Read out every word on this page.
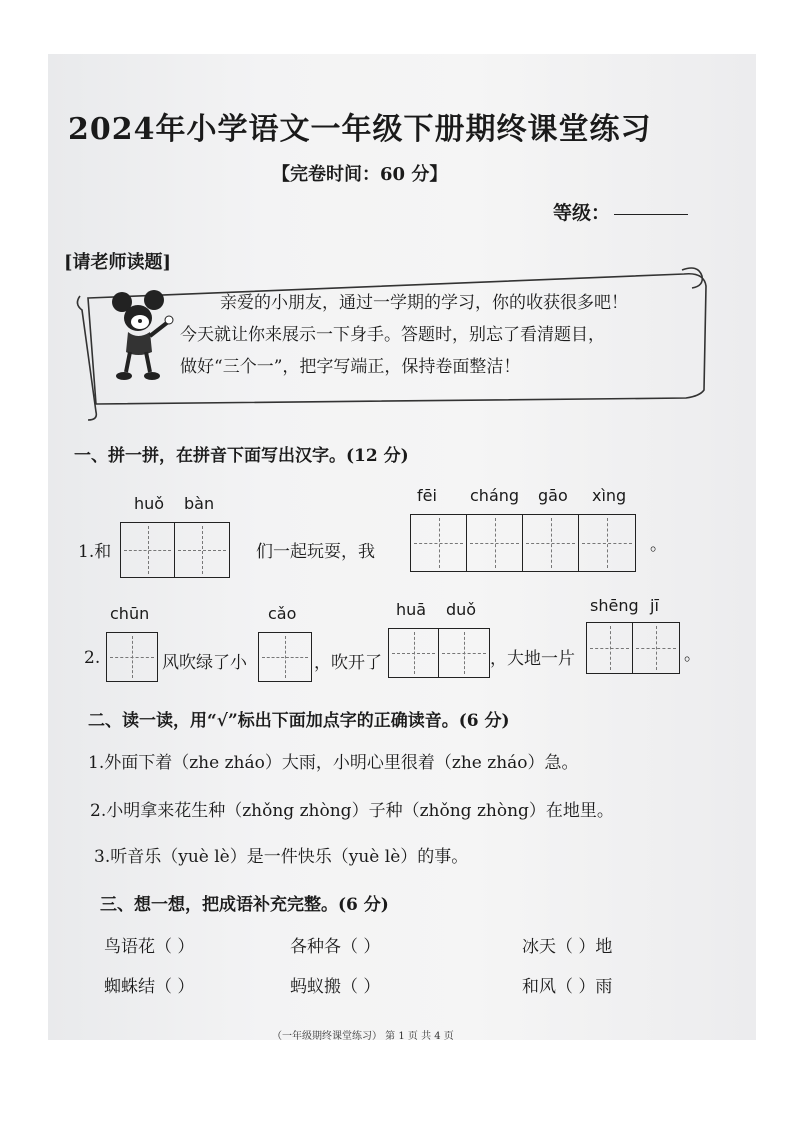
2024年小学语文一年级下册期终课堂练习
【完卷时间：60 分】
等级：
[请老师读题]
亲爱的小朋友，通过一学期的学习，你的收获很多吧！
今天就让你来展示一下身手。答题时，别忘了看清题目，
做好“三个一”，把字写端正，保持卷面整洁！
一、拼一拼，在拼音下面写出汉字。(12 分)
huǒ bàn
1.和	们一起玩耍，我
fēi cháng gāo xìng
。
chūn
2.	风吹绿了小
cǎo
，吹开了
huā duǒ
，大地一片
shēng jī
。
二、读一读，用“√”标出下面加点字的正确读音。(6 分)
1.外面下着（zhe zháo）大雨，小明心里很着（zhe zháo）急。
2.小明拿来花生种（zhǒng zhòng）子种（zhǒng zhòng）在地里。
3.听音乐（yuè lè）是一件快乐（yuè lè）的事。
三、想一想，把成语补充完整。(6 分)
鸟语花（ ）	各种各（ ）	冰天（ ）地
蜘蛛结（ ）	蚂蚁搬（ ）	和风（ ）雨
（一年级期终课堂练习） 第 1 页 共 4 页
